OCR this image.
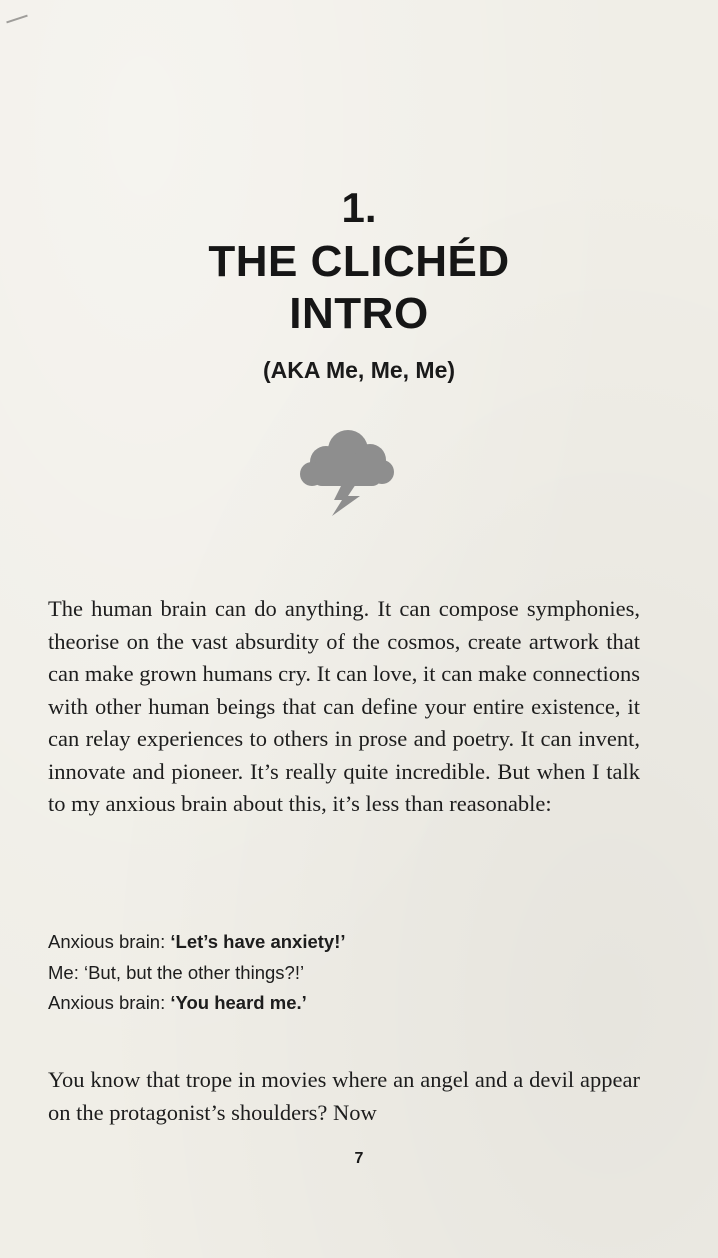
1.
THE CLICHÉD
INTRO
(AKA Me, Me, Me)

The human brain can do anything. It can compose symphonies, theorise on the vast absurdity of the cosmos, create artwork that can make grown humans cry. It can love, it can make connections with other human beings that can define your entire existence, it can relay experiences to others in prose and poetry. It can invent, innovate and pioneer. It’s really quite incredible. But when I talk to my anxious brain about this, it’s less than reasonable:

Anxious brain: ‘Let’s have anxiety!’
Me: ‘But, but the other things?!’
Anxious brain: ‘You heard me.’

You know that trope in movies where an angel and a devil appear on the protagonist’s shoulders? Now

7
